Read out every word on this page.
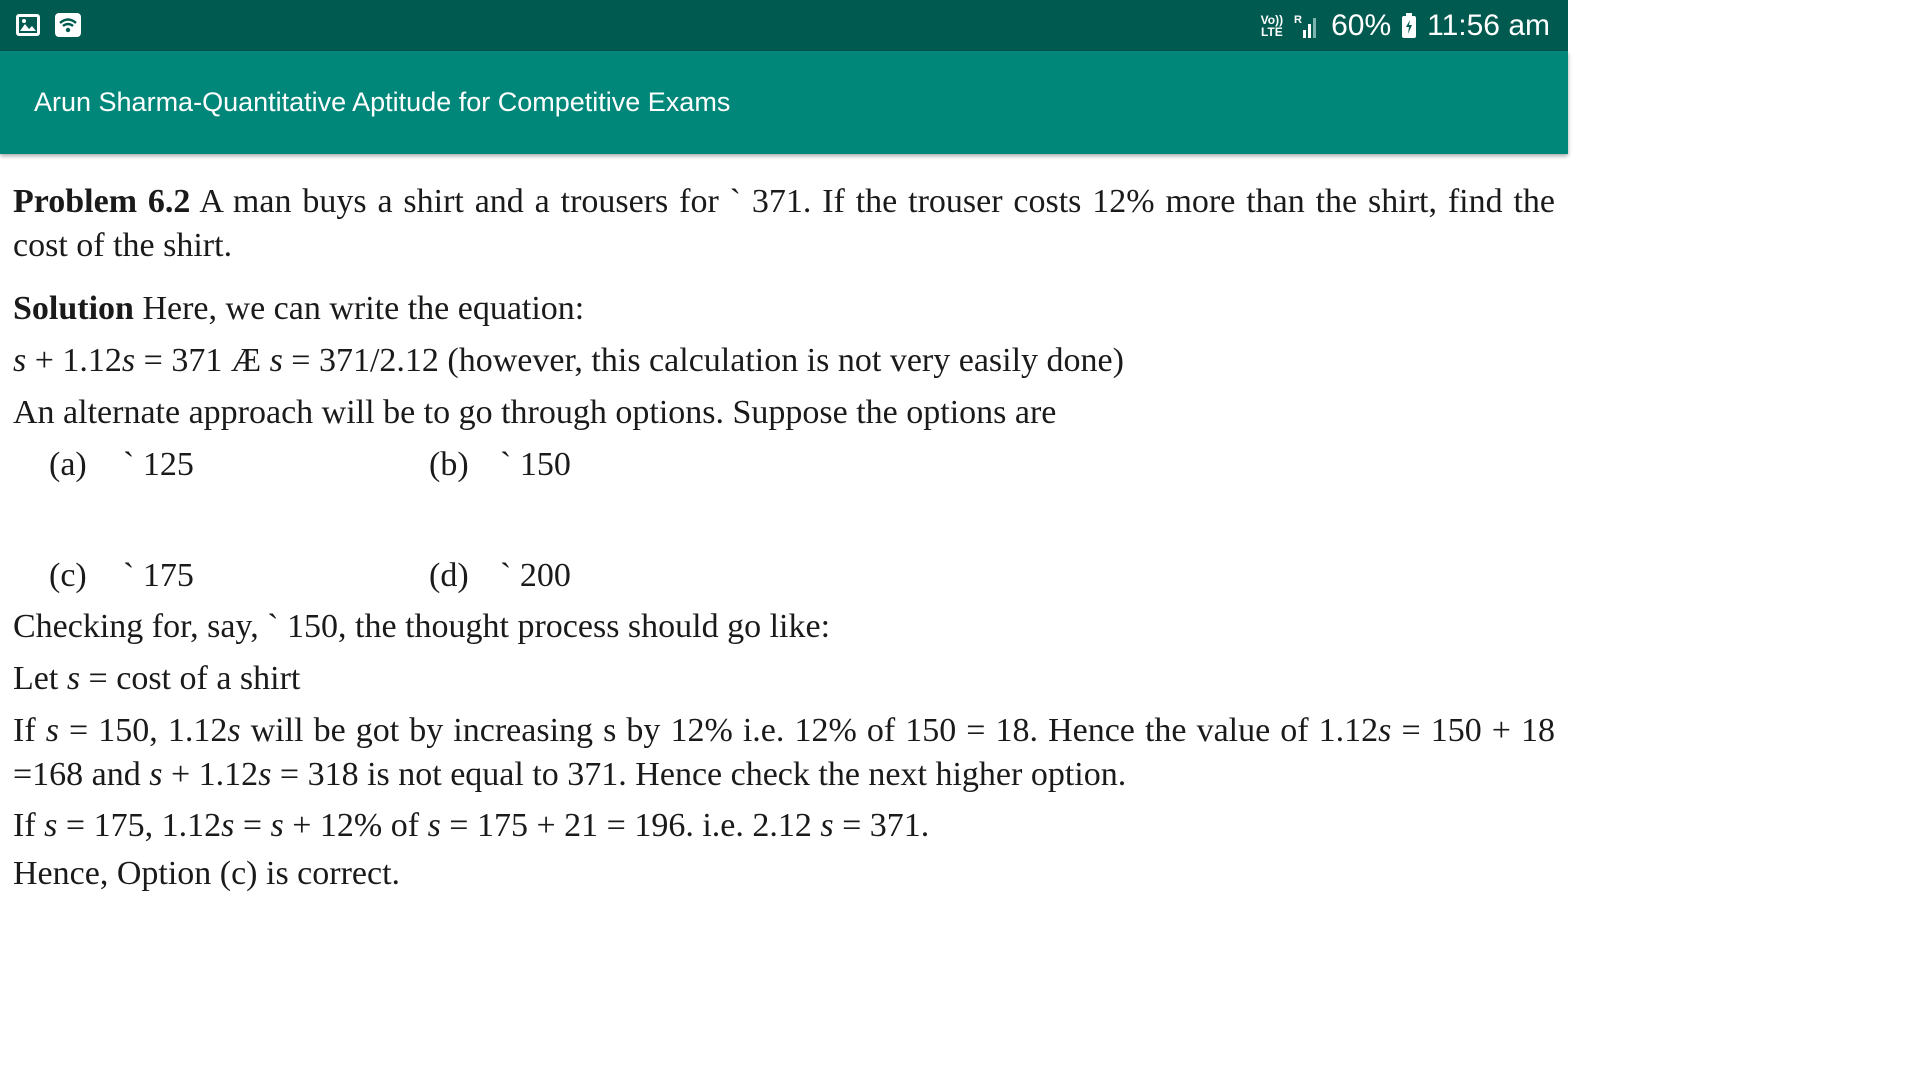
Vo))
LTE
R 60% 11:56 am
Arun Sharma-Quantitative Aptitude for Competitive Exams
Problem 6.2 A man buys a shirt and a trousers for ` 371. If the trouser costs 12% more than the shirt, find the cost of the shirt.
Solution Here, we can write the equation:
s + 1.12s = 371 Æ s = 371/2.12 (however, this calculation is not very easily done)
An alternate approach will be to go through options. Suppose the options are
(a) ` 125	(b) ` 150
(c) ` 175	(d) ` 200
Checking for, say, ` 150, the thought process should go like:
Let s = cost of a shirt
If s = 150, 1.12s will be got by increasing s by 12% i.e. 12% of 150 = 18. Hence the value of 1.12s = 150 + 18 =168 and s + 1.12s = 318 is not equal to 371. Hence check the next higher option.
If s = 175, 1.12s = s + 12% of s = 175 + 21 = 196. i.e. 2.12 s = 371.
Hence, Option (c) is correct.
